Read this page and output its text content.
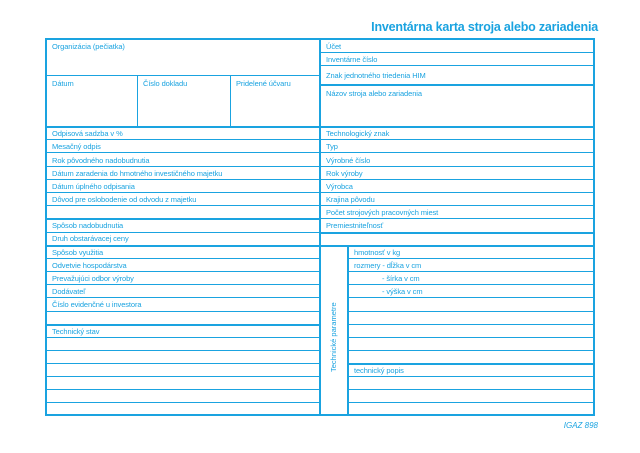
Inventárna karta stroja alebo zariadenia
Organizácia (pečiatka)
Dátum	Číslo dokladu	Pridelené účvaru
Odpisová sadzba v %
Mesačný odpis
Rok pôvodného nadobudnutia
Dátum zaradenia do hmotného investičného majetku
Dátum úplného odpisania
Dôvod pre oslobodenie od odvodu z majetku
Spôsob nadobudnutia
Druh obstarávacej ceny
Spôsob využitia
Odvetvie hospodárstva
Prevažujúci odbor výroby
Dodávateľ
Číslo evidenčné u investora
Technický stav
Účet
Inventárne číslo
Znak jednotného triedenia HIM
Názov stroja alebo zariadenia
Technologický znak
Typ
Výrobné číslo
Rok výroby
Výrobca
Krajina pôvodu
Počet strojových pracovných miest
Premiestniteľnosť
Technické parametre
hmotnosť v kg
rozmery - dĺžka v cm
- šírka v cm
- výška v cm
technický popis
IGAZ 898
